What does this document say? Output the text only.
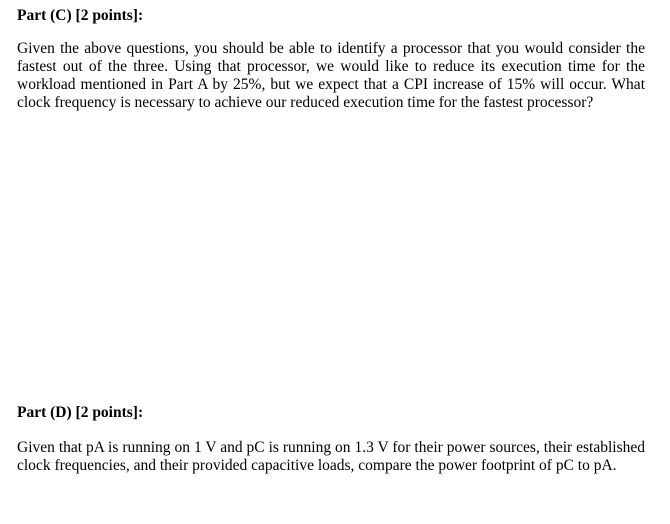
Part (C) [2 points]:

Given the above questions, you should be able to identify a processor that you would consider the fastest out of the three. Using that processor, we would like to reduce its execution time for the workload mentioned in Part A by 25%, but we expect that a CPI increase of 15% will occur. What clock frequency is necessary to achieve our reduced execution time for the fastest processor?

Part (D) [2 points]:

Given that pA is running on 1 V and pC is running on 1.3 V for their power sources, their established clock frequencies, and their provided capacitive loads, compare the power footprint of pC to pA.
